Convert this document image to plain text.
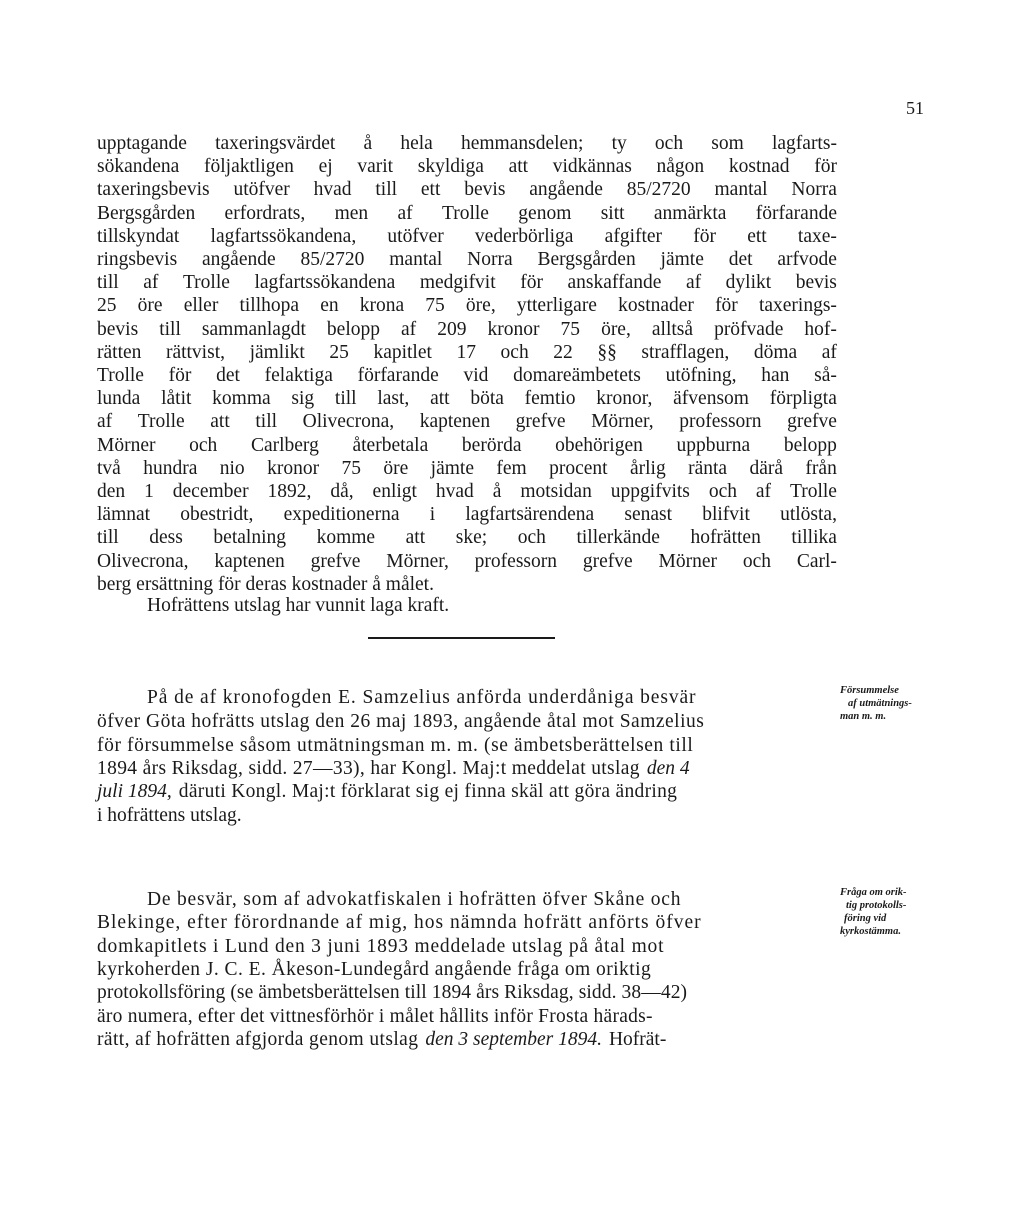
51
upptagande taxeringsvärdet å hela hemmansdelen; ty och som lagfarts-
sökandena följaktligen ej varit skyldiga att vidkännas någon kostnad för
taxeringsbevis utöfver hvad till ett bevis angående 85/2720 mantal Norra
Bergsgården erfordrats, men af Trolle genom sitt anmärkta förfarande
tillskyndat lagfartssökandena, utöfver vederbörliga afgifter för ett taxe-
ringsbevis angående 85/2720 mantal Norra Bergsgården jämte det arfvode
till af Trolle lagfartssökandena medgifvit för anskaffande af dylikt bevis
25 öre eller tillhopa en krona 75 öre, ytterligare kostnader för taxerings-
bevis till sammanlagdt belopp af 209 kronor 75 öre, alltså pröfvade hof-
rätten rättvist, jämlikt 25 kapitlet 17 och 22 §§ strafflagen, döma af
Trolle för det felaktiga förfarande vid domareämbetets utöfning, han så-
lunda låtit komma sig till last, att böta femtio kronor, äfvensom förpligta
af Trolle att till Olivecrona, kaptenen grefve Mörner, professorn grefve
Mörner och Carlberg återbetala berörda obehörigen uppburna belopp
två hundra nio kronor 75 öre jämte fem procent årlig ränta därå från
den 1 december 1892, då, enligt hvad å motsidan uppgifvits och af Trolle
lämnat obestridt, expeditionerna i lagfartsärendena senast blifvit utlösta,
till dess betalning komme att ske; och tillerkände hofrätten tillika
Olivecrona, kaptenen grefve Mörner, professorn grefve Mörner och Carl-
berg ersättning för deras kostnader å målet.
Hofrättens utslag har vunnit laga kraft.
På de af kronofogden E. Samzelius anförda underdåniga besvär
öfver Göta hofrätts utslag den 26 maj 1893, angående åtal mot Samzelius
för försummelse såsom utmätningsman m. m. (se ämbetsberättelsen till
1894 års Riksdag, sidd. 27—33), har Kongl. Maj:t meddelat utslag den 4
juli 1894, däruti Kongl. Maj:t förklarat sig ej finna skäl att göra ändring
i hofrättens utslag.
Försummelse
af utmätnings-
man m. m.
De besvär, som af advokatfiskalen i hofrätten öfver Skåne och
Blekinge, efter förordnande af mig, hos nämnda hofrätt anförts öfver
domkapitlets i Lund den 3 juni 1893 meddelade utslag på åtal mot
kyrkoherden J. C. E. Åkeson-Lundegård angående fråga om oriktig
protokollsföring (se ämbetsberättelsen till 1894 års Riksdag, sidd. 38—42)
äro numera, efter det vittnesförhör i målet hållits inför Frosta härads-
rätt, af hofrätten afgjorda genom utslag den 3 september 1894. Hofrät-
Fråga om orik-
tig protokolls-
föring vid
kyrkostämma.
